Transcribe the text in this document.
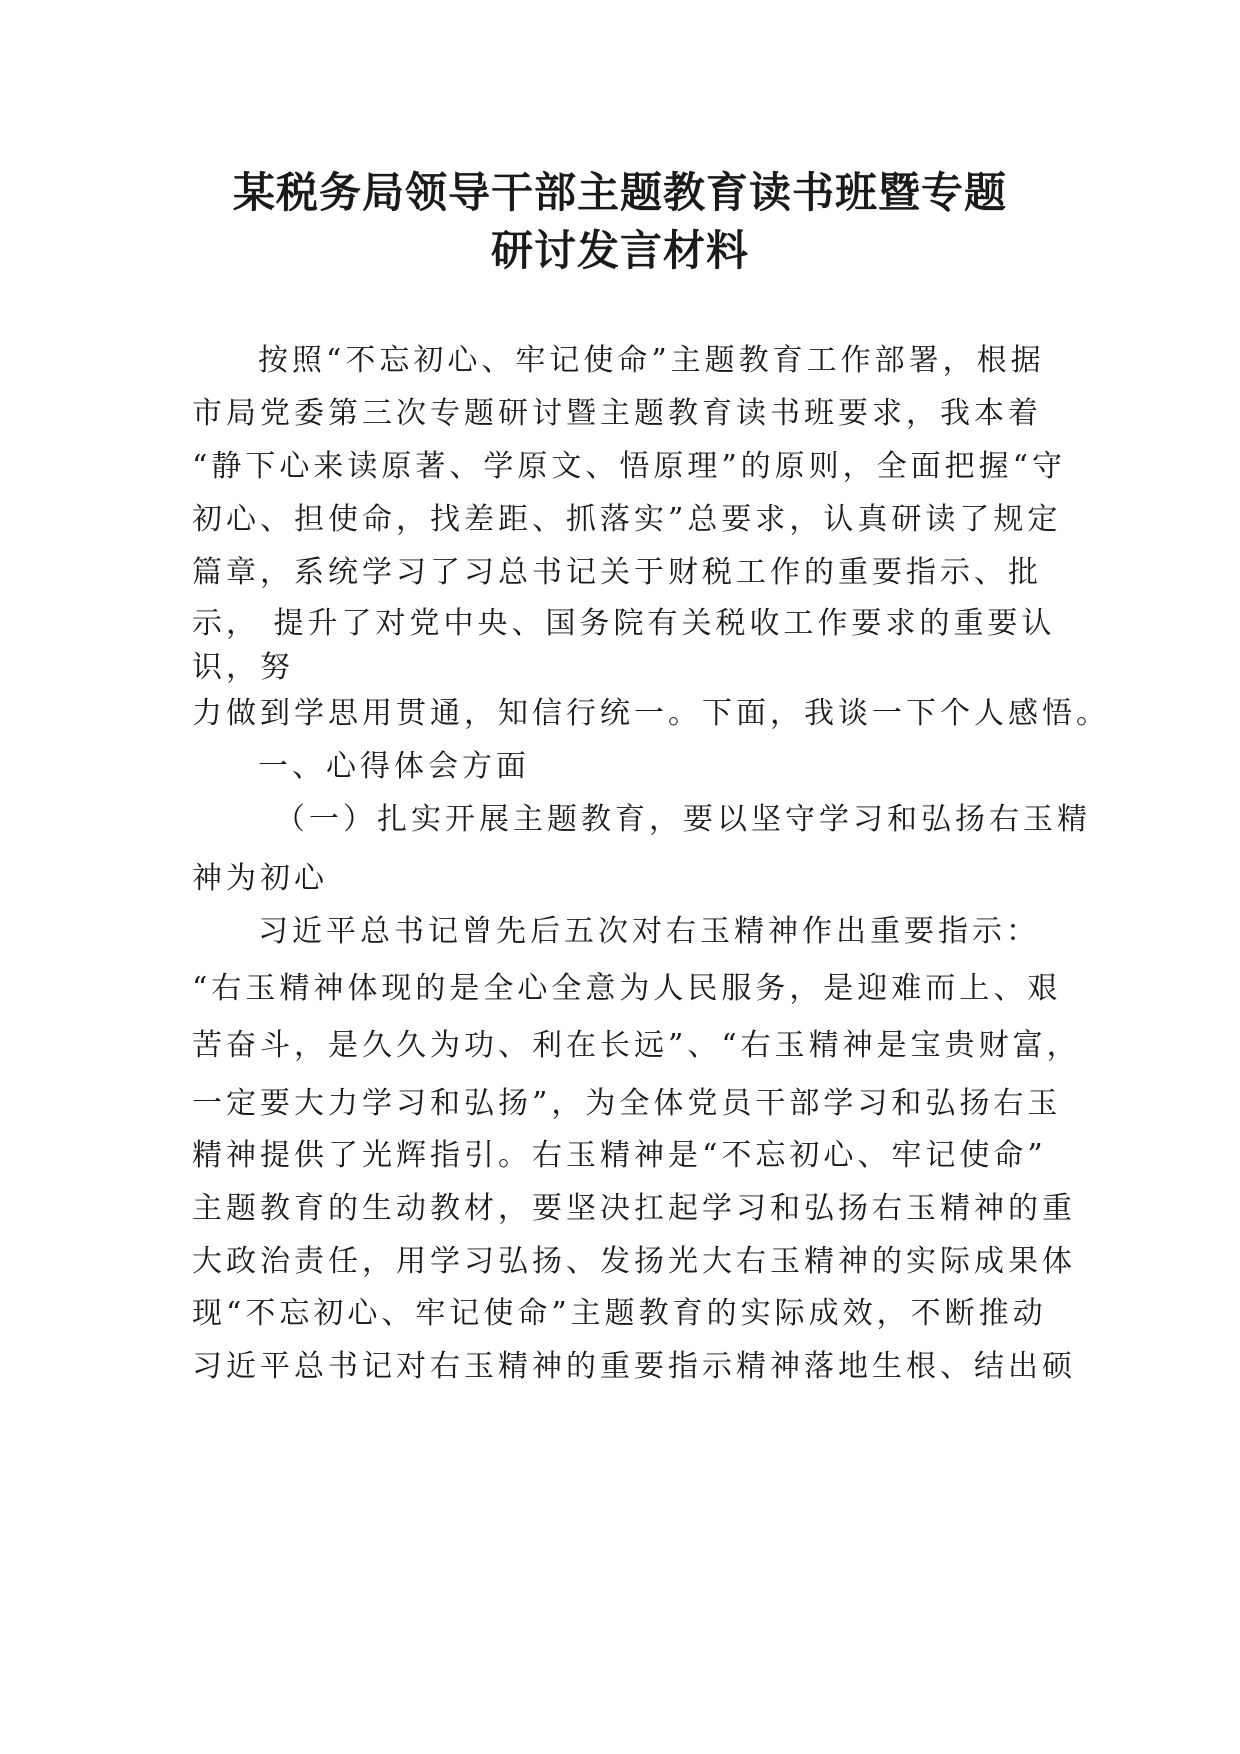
某税务局领导干部主题教育读书班暨专题
研讨发言材料

按照“不忘初心、牢记使命”主题教育工作部署，根据

市局党委第三次专题研讨暨主题教育读书班要求，我本着

“静下心来读原著、学原文、悟原理”的原则，全面把握“守

初心、担使命，找差距、抓落实”总要求，认真研读了规定

篇章，系统学习了习总书记关于财税工作的重要指示、批

示， 提升了对党中央、国务院有关税收工作要求的重要认

识，努

力做到学思用贯通，知信行统一。下面，我谈一下个人感悟。

一、心得体会方面

（一）扎实开展主题教育，要以坚守学习和弘扬右玉精

神为初心

习近平总书记曾先后五次对右玉精神作出重要指示：

“右玉精神体现的是全心全意为人民服务，是迎难而上、艰

苦奋斗，是久久为功、利在长远”、“右玉精神是宝贵财富，

一定要大力学习和弘扬”，为全体党员干部学习和弘扬右玉

精神提供了光辉指引。右玉精神是“不忘初心、牢记使命”

主题教育的生动教材，要坚决扛起学习和弘扬右玉精神的重

大政治责任，用学习弘扬、发扬光大右玉精神的实际成果体

现“不忘初心、牢记使命”主题教育的实际成效，不断推动

习近平总书记对右玉精神的重要指示精神落地生根、结出硕
